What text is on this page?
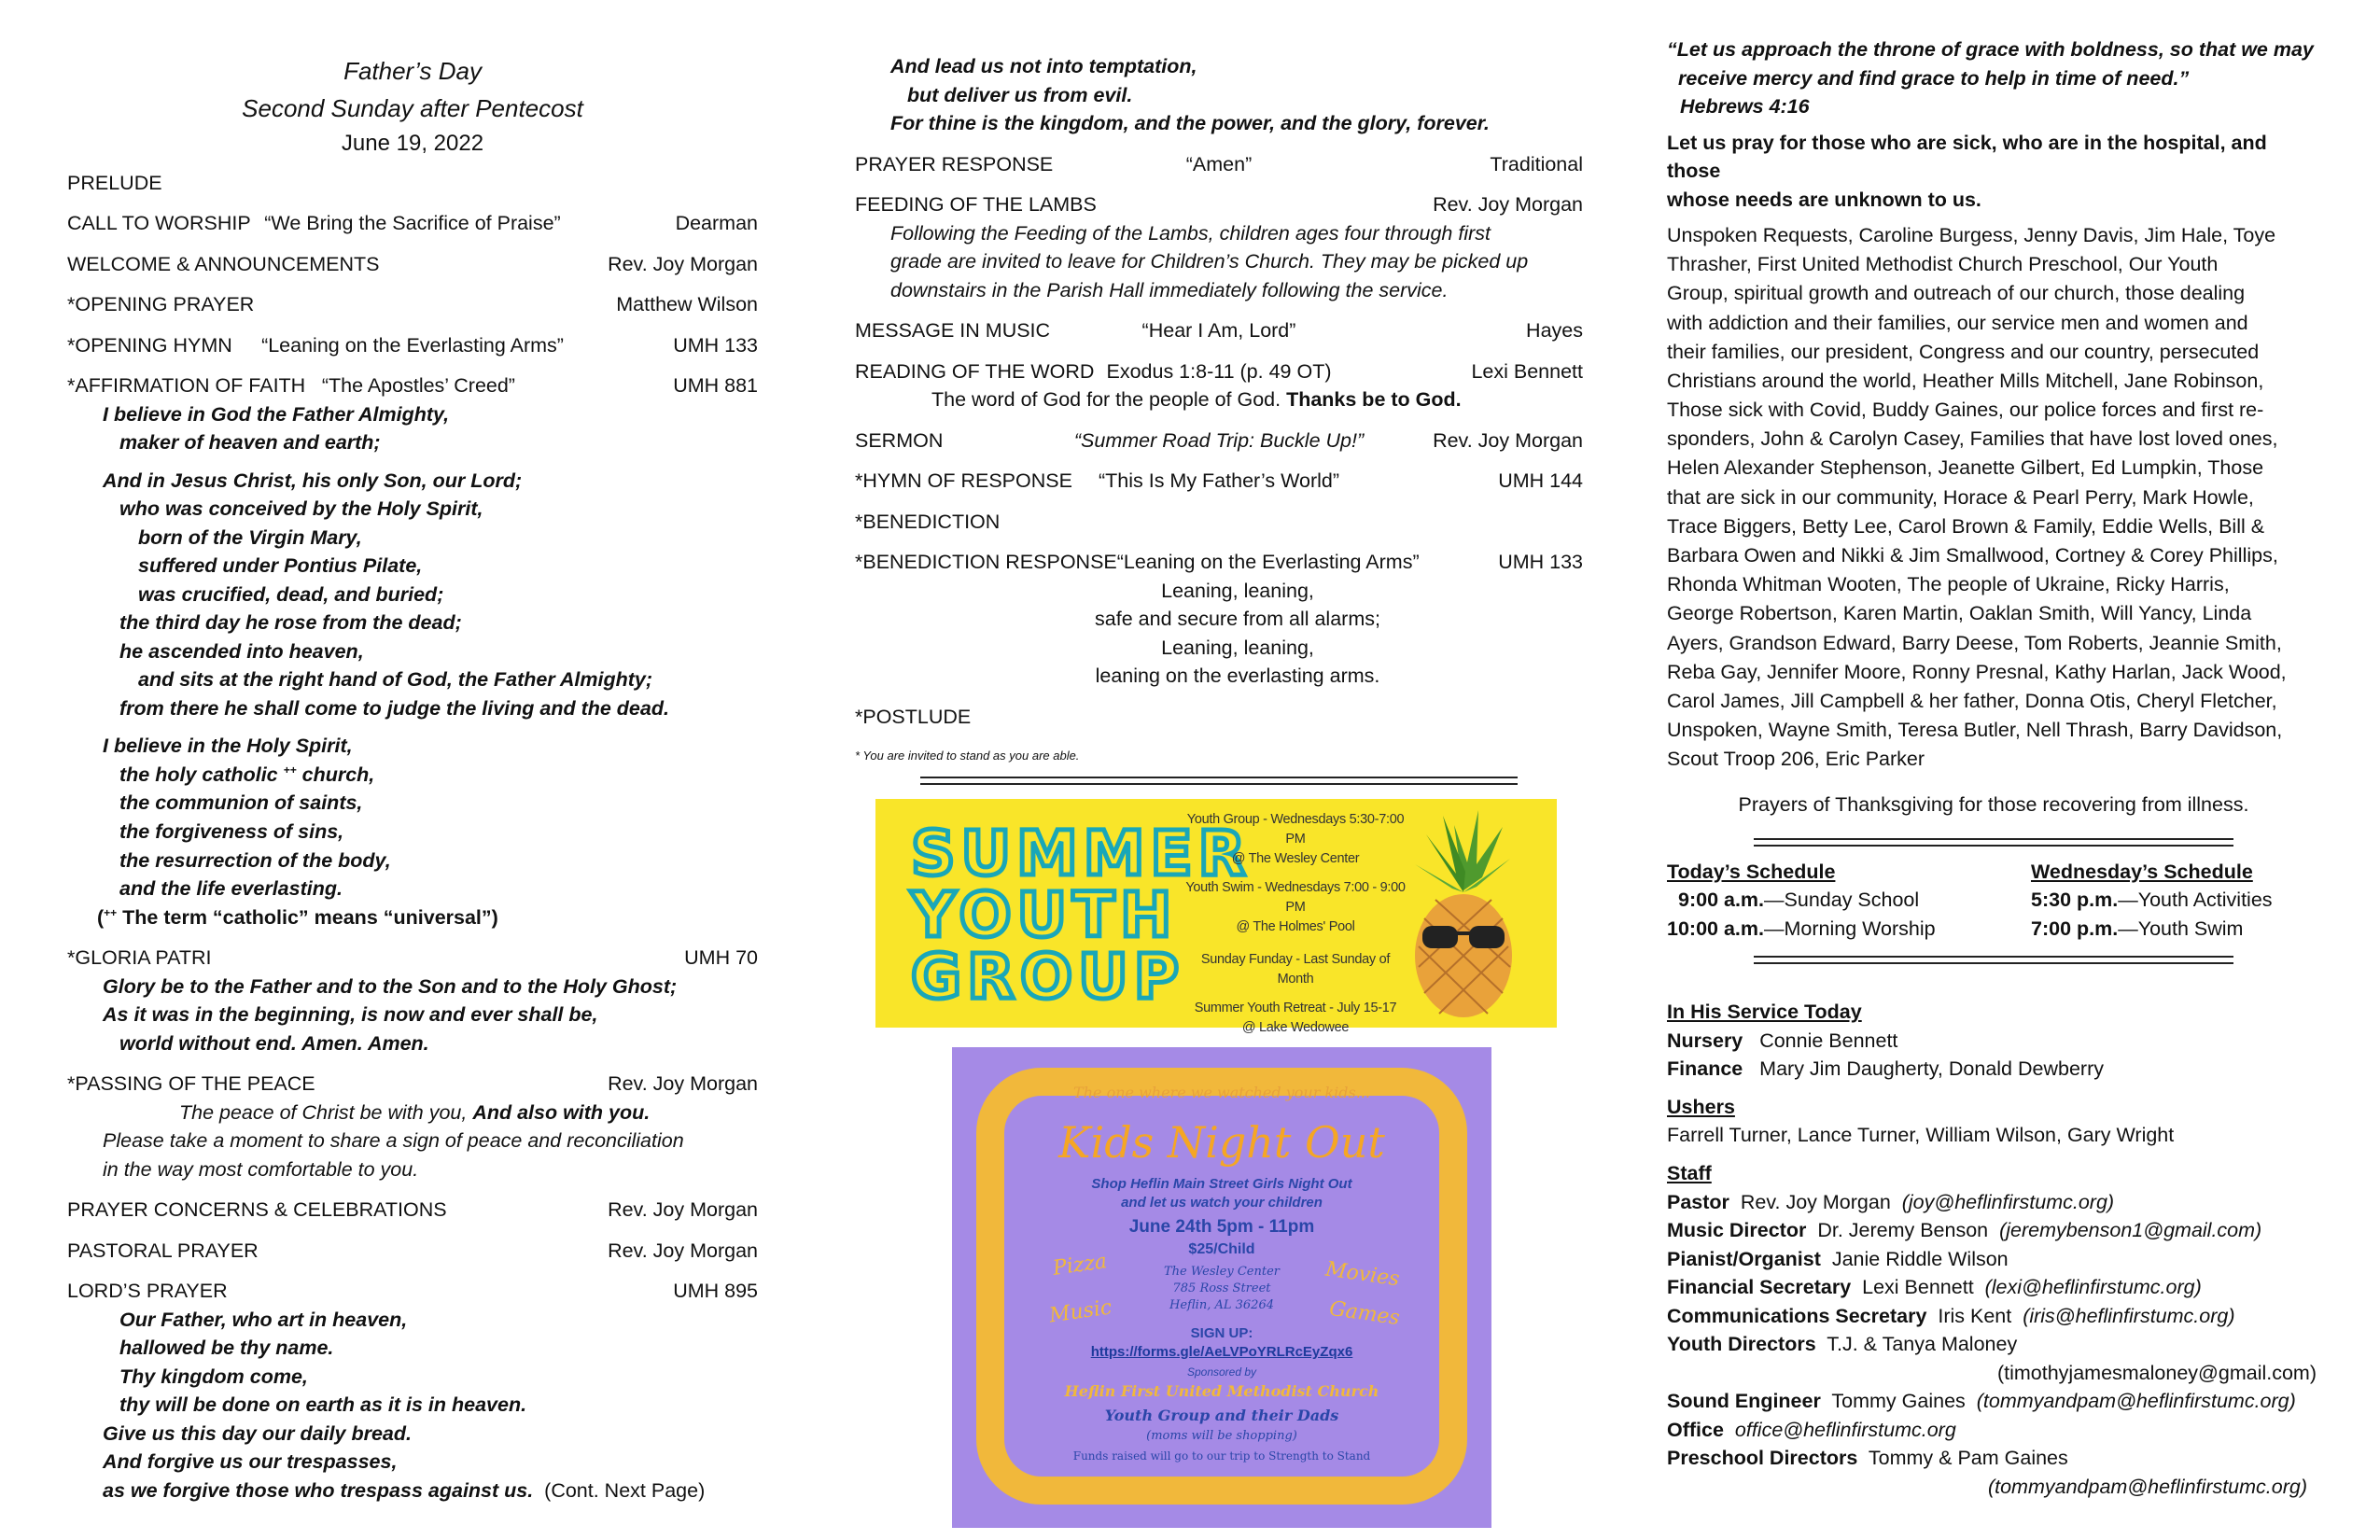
Father’s Day
Second Sunday after Pentecost
June 19, 2022
PRELUDE
CALL TO WORSHIP “We Bring the Sacrifice of Praise”	Dearman
WELCOME & ANNOUNCEMENTS	Rev. Joy Morgan
*OPENING PRAYER	Matthew Wilson
*OPENING HYMN	“Leaning on the Everlasting Arms”	UMH 133
*AFFIRMATION OF FAITH “The Apostles’ Creed”	UMH 881
I believe in God the Father Almighty,
maker of heaven and earth;
And in Jesus Christ, his only Son, our Lord;
who was conceived by the Holy Spirit,
born of the Virgin Mary,
suffered under Pontius Pilate,
was crucified, dead, and buried;
the third day he rose from the dead;
he ascended into heaven,
and sits at the right hand of God, the Father Almighty;
from there he shall come to judge the living and the dead.
I believe in the Holy Spirit,
the holy catholic ++ church,
the communion of saints,
the forgiveness of sins,
the resurrection of the body,
and the life everlasting.
(++ The term “catholic” means “universal”)
*GLORIA PATRI	UMH 70
Glory be to the Father and to the Son and to the Holy Ghost;
As it was in the beginning, is now and ever shall be,
world without end. Amen. Amen.
*PASSING OF THE PEACE	Rev. Joy Morgan
The peace of Christ be with you, And also with you.
Please take a moment to share a sign of peace and reconciliation
in the way most comfortable to you.
PRAYER CONCERNS & CELEBRATIONS	Rev. Joy Morgan
PASTORAL PRAYER	Rev. Joy Morgan
LORD’S PRAYER	UMH 895
Our Father, who art in heaven,
hallowed be thy name.
Thy kingdom come,
thy will be done on earth as it is in heaven.
Give us this day our daily bread.
And forgive us our trespasses,
as we forgive those who trespass against us. (Cont. Next Page)
And lead us not into temptation,
but deliver us from evil.
For thine is the kingdom, and the power, and the glory, forever.
PRAYER RESPONSE	“Amen”	Traditional
FEEDING OF THE LAMBS	Rev. Joy Morgan
Following the Feeding of the Lambs, children ages four through first
grade are invited to leave for Children’s Church. They may be picked up
downstairs in the Parish Hall immediately following the service.
MESSAGE IN MUSIC	“Hear I Am, Lord”	Hayes
READING OF THE WORD Exodus 1:8-11 (p. 49 OT)	Lexi Bennett
The word of God for the people of God. Thanks be to God.
SERMON	“Summer Road Trip: Buckle Up!”	Rev. Joy Morgan
*HYMN OF RESPONSE	“This Is My Father’s World”	UMH 144
*BENEDICTION
*BENEDICTION RESPONSE “Leaning on the Everlasting Arms”	UMH 133
Leaning, leaning,
safe and secure from all alarms;
Leaning, leaning,
leaning on the everlasting arms.
*POSTLUDE
* You are invited to stand as you are able.
SUMMER
YOUTH
GROUP
Youth Group - Wednesdays 5:30-7:00 PM
@ The Wesley Center
Youth Swim - Wednesdays 7:00 - 9:00 PM
@ The Holmes' Pool
Sunday Funday - Last Sunday of Month
Summer Youth Retreat - July 15-17
@ Lake Wedowee
The one where we watched your kids...
Kids Night Out
Shop Heflin Main Street Girls Night Out
and let us watch your children
June 24th 5pm - 11pm
$25/Child
The Wesley Center
785 Ross Street
Heflin, AL 36264
Pizza
Music
Movies
Games
SIGN UP:
https://forms.gle/AeLVPoYRLRcEyZqx6
Sponsored by
Heflin First United Methodist Church
Youth Group and their Dads
(moms will be shopping)
Funds raised will go to our trip to Strength to Stand
“Let us approach the throne of grace with boldness, so that we may
receive mercy and find grace to help in time of need.”
Hebrews 4:16
Let us pray for those who are sick, who are in the hospital, and those
whose needs are unknown to us.
Unspoken Requests, Caroline Burgess, Jenny Davis, Jim Hale, Toye
Thrasher, First United Methodist Church Preschool, Our Youth
Group, spiritual growth and outreach of our church, those dealing
with addiction and their families, our service men and women and
their families, our president, Congress and our country, persecuted
Christians around the world, Heather Mills Mitchell, Jane Robinson,
Those sick with Covid, Buddy Gaines, our police forces and first re-
sponders, John & Carolyn Casey, Families that have lost loved ones,
Helen Alexander Stephenson, Jeanette Gilbert, Ed Lumpkin, Those
that are sick in our community, Horace & Pearl Perry, Mark Howle,
Trace Biggers, Betty Lee, Carol Brown & Family, Eddie Wells, Bill &
Barbara Owen and Nikki & Jim Smallwood, Cortney & Corey Phillips,
Rhonda Whitman Wooten, The people of Ukraine, Ricky Harris,
George Robertson, Karen Martin, Oaklan Smith, Will Yancy, Linda
Ayers, Grandson Edward, Barry Deese, Tom Roberts, Jeannie Smith,
Reba Gay, Jennifer Moore, Ronny Presnal, Kathy Harlan, Jack Wood,
Carol James, Jill Campbell & her father, Donna Otis, Cheryl Fletcher,
Unspoken, Wayne Smith, Teresa Butler, Nell Thrash, Barry Davidson,
Scout Troop 206, Eric Parker
Prayers of Thanksgiving for those recovering from illness.
Today’s Schedule
9:00 a.m.—Sunday School
10:00 a.m.—Morning Worship
Wednesday’s Schedule
5:30 p.m.—Youth Activities
7:00 p.m.—Youth Swim
In His Service Today
Nursery Connie Bennett
Finance Mary Jim Daugherty, Donald Dewberry
Ushers
Farrell Turner, Lance Turner, William Wilson, Gary Wright
Staff
Pastor Rev. Joy Morgan (joy@heflinfirstumc.org)
Music Director Dr. Jeremy Benson (jeremybenson1@gmail.com)
Pianist/Organist Janie Riddle Wilson
Financial Secretary Lexi Bennett (lexi@heflinfirstumc.org)
Communications Secretary Iris Kent (iris@heflinfirstumc.org)
Youth Directors T.J. & Tanya Maloney
(timothyjamesmaloney@gmail.com)
Sound Engineer Tommy Gaines (tommyandpam@heflinfirstumc.org)
Office office@heflinfirstumc.org
Preschool Directors Tommy & Pam Gaines
(tommyandpam@heflinfirstumc.org)
